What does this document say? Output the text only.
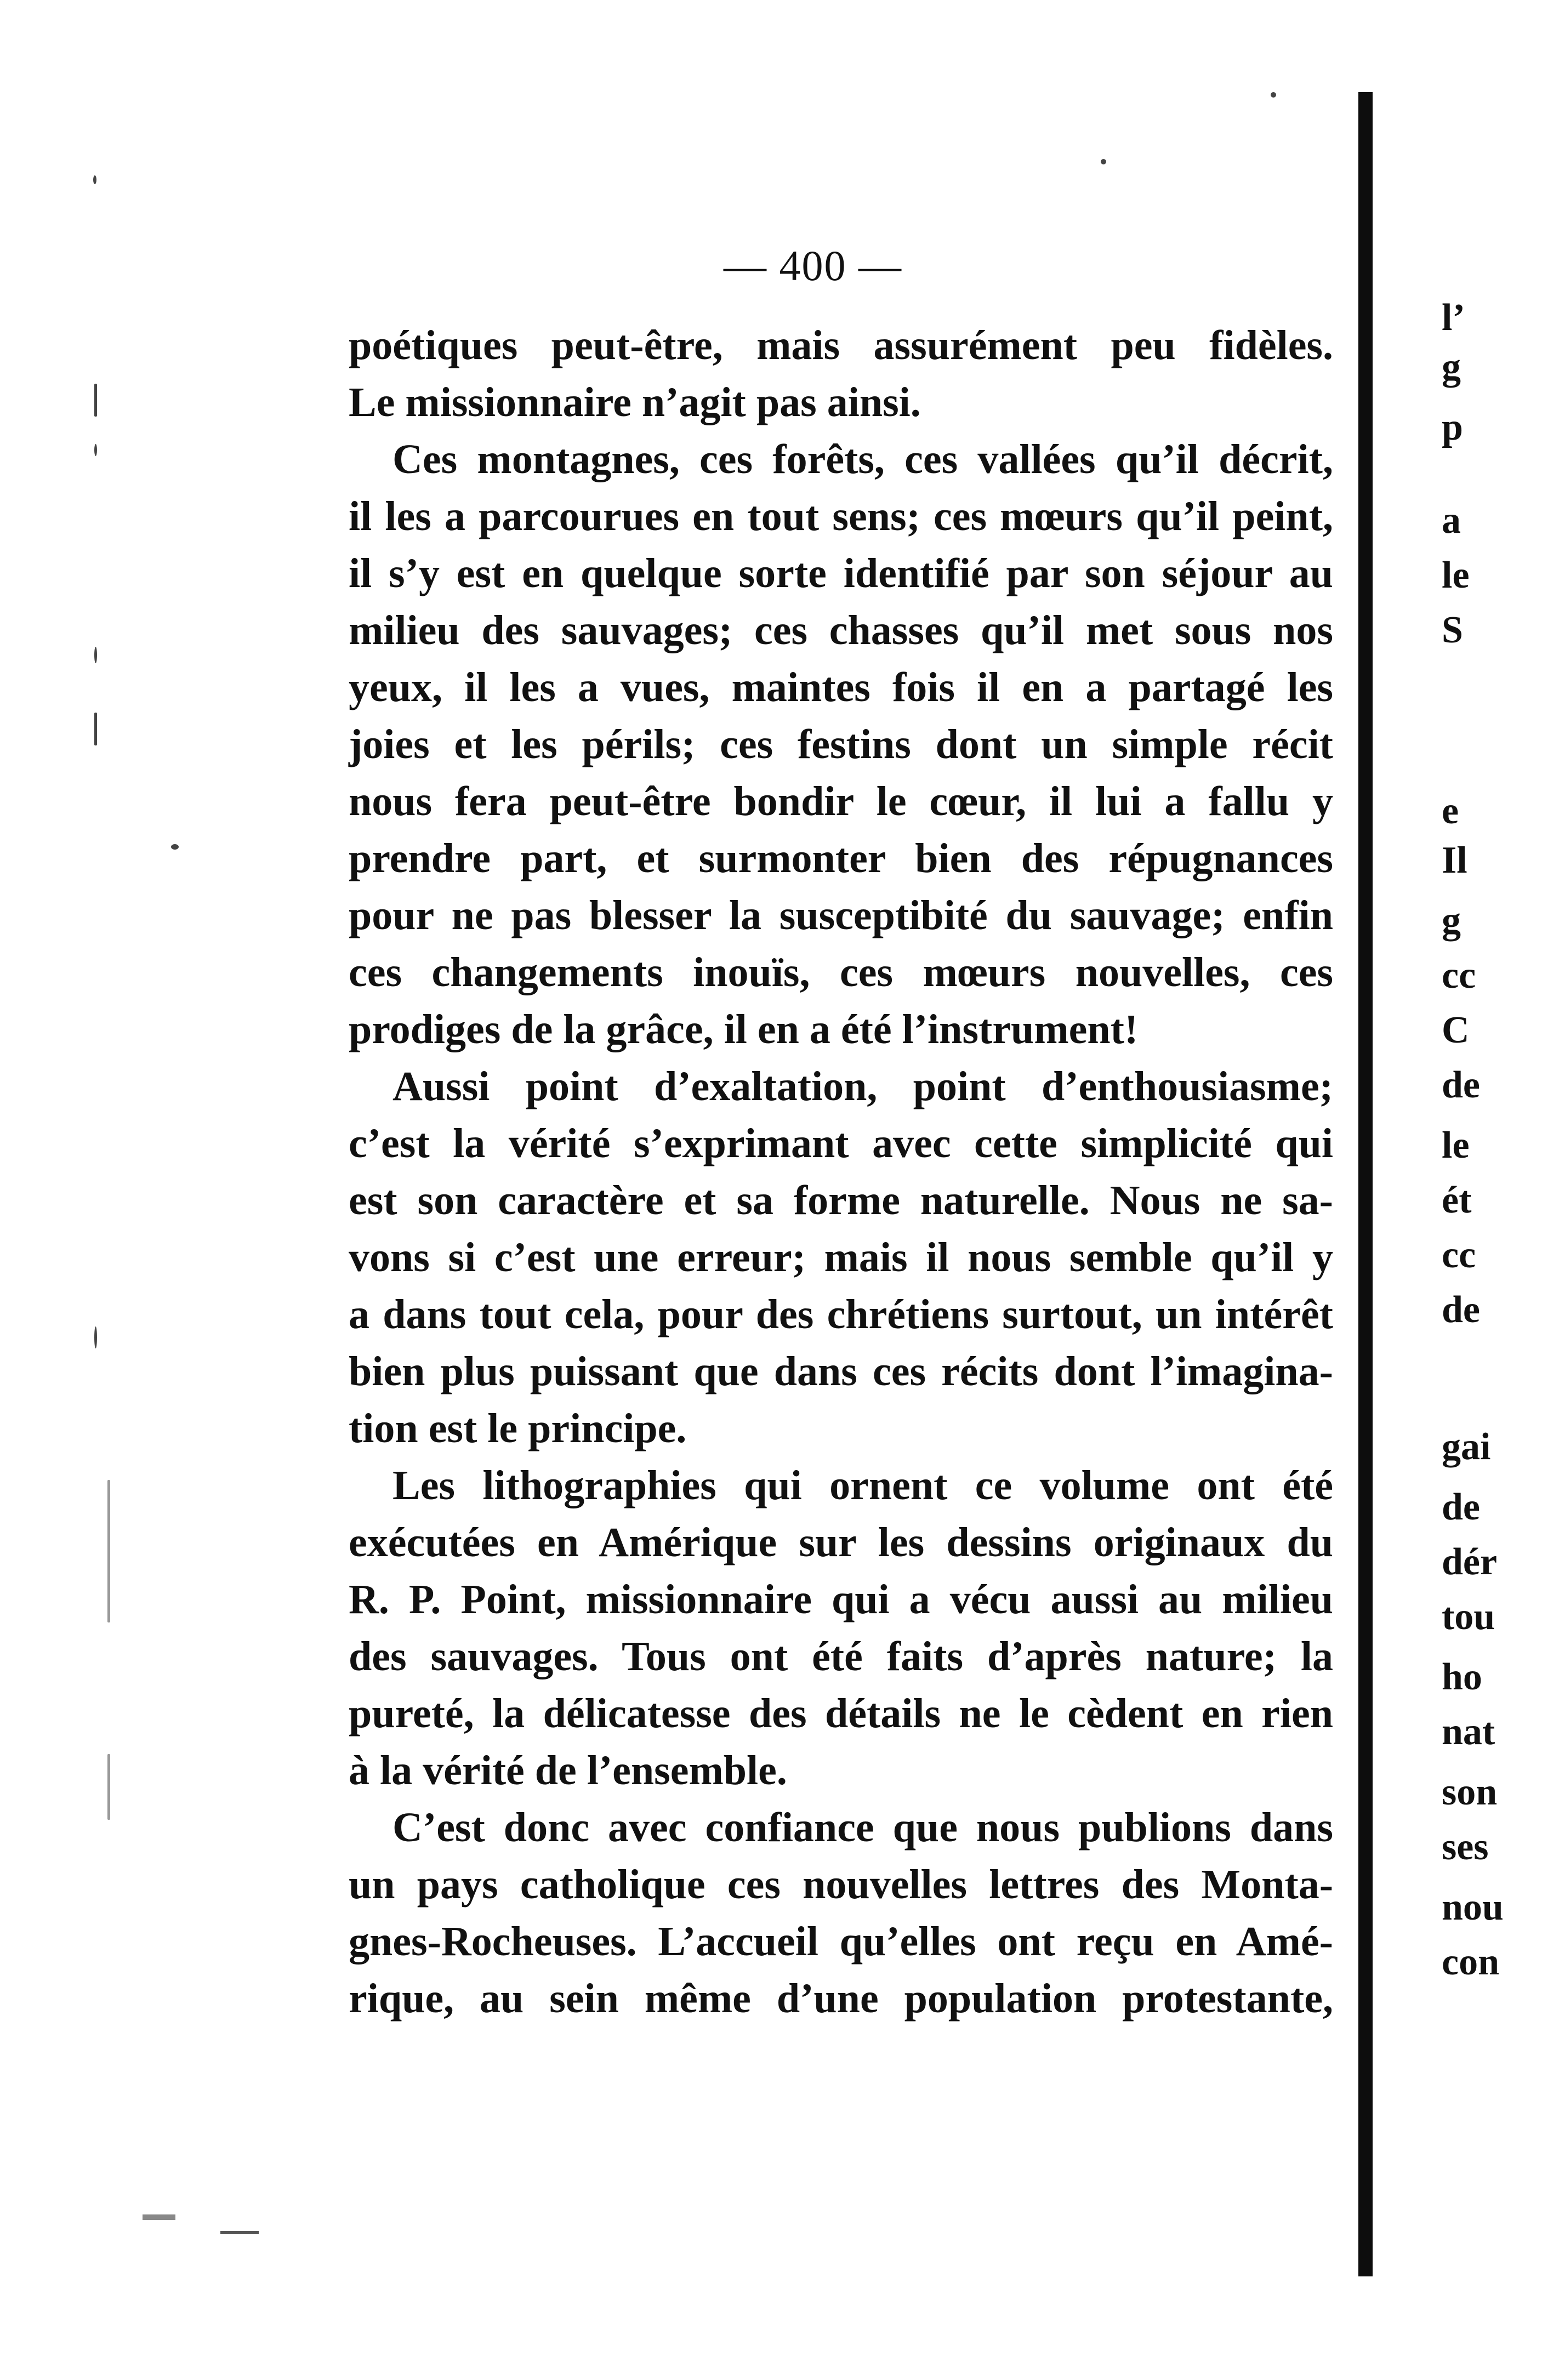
— 400 —
poétiques peut-être, mais assurément peu fidèles.
Le missionnaire n’agit pas ainsi.
Ces montagnes, ces forêts, ces vallées qu’il décrit,
il les a parcourues en tout sens; ces mœurs qu’il peint,
il s’y est en quelque sorte identifié par son séjour au
milieu des sauvages; ces chasses qu’il met sous nos
yeux, il les a vues, maintes fois il en a partagé les
joies et les périls; ces festins dont un simple récit
nous fera peut-être bondir le cœur, il lui a fallu y
prendre part, et surmonter bien des répugnances
pour ne pas blesser la susceptibité du sauvage; enfin
ces changements inouïs, ces mœurs nouvelles, ces
prodiges de la grâce, il en a été l’instrument!
Aussi point d’exaltation, point d’enthousiasme;
c’est la vérité s’exprimant avec cette simplicité qui
est son caractère et sa forme naturelle. Nous ne sa-
vons si c’est une erreur; mais il nous semble qu’il y
a dans tout cela, pour des chrétiens surtout, un intérêt
bien plus puissant que dans ces récits dont l’imagina-
tion est le principe.
Les lithographies qui ornent ce volume ont été
exécutées en Amérique sur les dessins originaux du
R. P. Point, missionnaire qui a vécu aussi au milieu
des sauvages. Tous ont été faits d’après nature; la
pureté, la délicatesse des détails ne le cèdent en rien
à la vérité de l’ensemble.
C’est donc avec confiance que nous publions dans
un pays catholique ces nouvelles lettres des Monta-
gnes-Rocheuses. L’accueil qu’elles ont reçu en Amé-
rique, au sein même d’une population protestante,
l’
g
p
a
le
S
e
Il
g
cc
C
de
le
ét
cc
de
gai
de
dér
tou
ho
nat
son
ses
nou
con
